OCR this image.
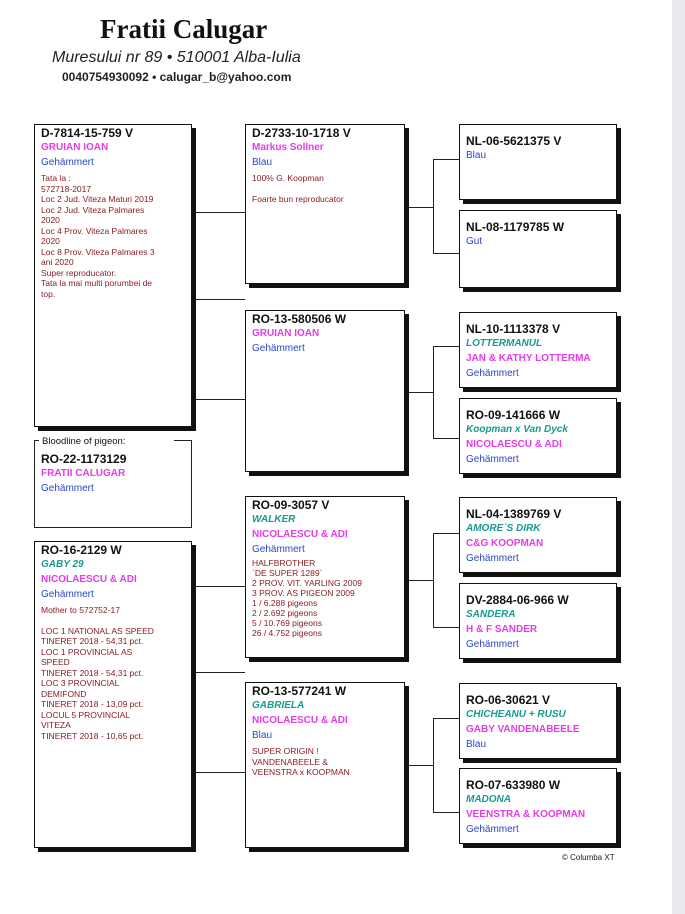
Fratii Calugar
Muresului nr 89 • 510001 Alba-Iulia
0040754930092 • calugar_b@yahoo.com
Bloodline of pigeon:
RO-22-1173129
FRATII CALUGAR
Gehämmert
D-7814-15-759 V
GRUIAN IOAN
Gehämmert
Tata la :
572718-2017
Loc 2 Jud. Viteza Maturi 2019
Loc 2 Jud. Viteza Palmares
2020
Loc 4 Prov. Viteza Palmares
2020
Loc 8 Prov. Viteza Palmares 3
ani 2020
Super reproducator.
Tata la mai multi porumbei de
top.
RO-16-2129 W
GABY 29
NICOLAESCU & ADI
Gehämmert
Mother to 572752-17
LOC 1 NATIONAL AS SPEED
TINERET 2018 - 54,31 pct.
LOC 1 PROVINCIAL AS
SPEED
TINERET 2018 - 54,31 pct.
LOC 3 PROVINCIAL
DEMIFOND
TINERET 2018 - 13,09 pct.
LOCUL 5 PROVINCIAL
VITEZA
TINERET 2018 - 10,65 pct.
D-2733-10-1718 V
Markus Sollner
Blau
100% G. Koopman
Foarte bun reproducator
RO-13-580506 W
GRUIAN IOAN
Gehämmert
RO-09-3057 V
WALKER
NICOLAESCU & ADI
Gehämmert
HALFBROTHER
`DE SUPER 1289`
2 PROV. VIT. YARLING 2009
3 PROV. AS PIGEON 2009
1 / 6.288 pigeons
2 / 2.692 pigeons
5 / 10.769 pigeons
26 / 4.752 pigeons
RO-13-577241 W
GABRIELA
NICOLAESCU & ADI
Blau
SUPER ORIGIN !
VANDENABEELE &
VEENSTRA x KOOPMAN
NL-06-5621375 V
Blau
NL-08-1179785 W
Gut
NL-10-1113378 V
LOTTERMANUL
JAN & KATHY LOTTERMA
Gehämmert
RO-09-141666 W
Koopman x Van Dyck
NICOLAESCU & ADI
Gehämmert
NL-04-1389769 V
AMORE`S DIRK
C&G KOOPMAN
Gehämmert
DV-2884-06-966 W
SANDERA
H & F SANDER
Gehämmert
RO-06-30621 V
CHICHEANU + RUSU
GABY VANDENABEELE
Blau
RO-07-633980 W
MADONA
VEENSTRA & KOOPMAN
Gehämmert
© Columba XT
